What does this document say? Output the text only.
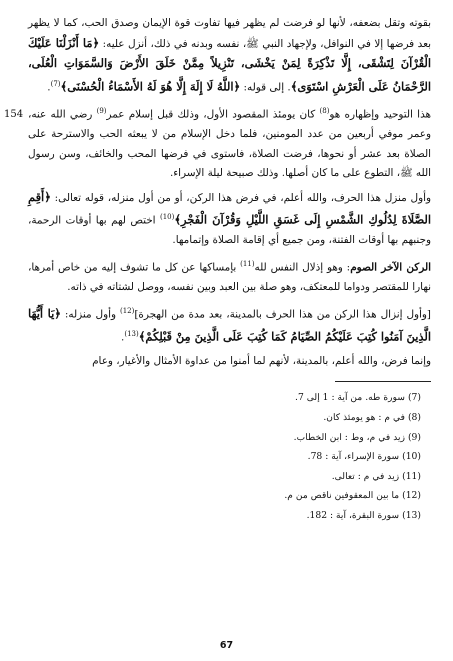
154

بقوته وتقل بضعفه، لأنها لو فرضت لم يظهر فيها تفاوت قوة الإيمان وصدق الحب، كما لا يظهر بعد فرضها إلا في النوافل، ولإجهاد النبي ﷺ، نفسه وبدنه في ذلك، أنزل عليه: ﴿مَا أَنْزَلْنَا عَلَيْكَ الْقُرْآنَ لِتَشْقَى، إِلَّا تَذْكِرَةً لِمَنْ يَخْشَى، تَنْزِيلاً مِمَّنْ خَلَقَ الأَرْضَ وَالسَّمَوَاتِ الْعُلَى، الرَّحْمَانُ عَلَى الْعَرْشِ اسْتَوَى﴾. إلى قوله: ﴿اللَّهُ لَا إِلَهَ إِلَّا هُوَ لَهُ الأَسْمَاءُ الْحُسْنَى﴾$^{(7)}$.

هذا التوحيد وإظهاره هو$^{(8)}$ كان يومئذ المقصود الأول، وذلك قبل إسلام عمر$^{(9)}$ رضي الله عنه، وعمر موفي أربعين من عدد المومنين، فلما دخل الإسلام من لا يبعثه الحب والاسترحة على الصلاة بعد عشر أو نحوها، فرضت الصلاة، فاستوى في فرضها المحب والخائف، وسن رسول الله ﷺ، التطوع على ما كان أصلها. وذلك صبيحة ليلة الإسراء.

وأول منزل هذا الحرف، والله أعلم، في فرض هذا الركن، أو من أول منزله، قوله تعالى: ﴿أَقِمِ الصَّلَاةَ لِدُلُوكِ الشَّمْسِ إِلَى غَسَقِ اللَّيْلِ وَقُرْآنَ الْفَجْرِ﴾$^{(10)}$ اختص لهم بها أوقات الرحمة، وجنبهم بها أوقات الفتنة، ومن جميع أي إقامة الصلاة وإتمامها.

الركن الآخر الصوم: وهو إذلال النفس لله$^{(11)}$ بإمساكها عن كل ما تشوف إليه من خاص أمرها، نهارا للمقتصر ودواما للمعتكف، وهو صلة بين العبد وبين نفسه، ووصل لشتاته في ذاته.

[وأول إنزال هذا الركن من هذا الحرف بالمدينة، بعد مدة من الهجرة]$^{(12)}$ وأول منزله: ﴿يَا أَيُّهَا الَّذِينَ آمَنُوا كُتِبَ عَلَيْكُمُ الصِّيَامُ كَمَا كُتِبَ عَلَى الَّذِينَ مِنْ قَبْلِكُمْ﴾$^{(13)}$.

وإنما فرض، والله أعلم، بالمدينة، لأنهم لما أمنوا من عداوة الأمثال والأغيار، وعام

(7) سورة طه. من آية : 1 إلى 7.
(8) في م : هو يومئذ كان.
(9) زيد في م، وط : ابن الخطاب.
(10) سورة الإسراء، آية : 78.
(11) زيد في م : تعالى.
(12) ما بين المعقوفين ناقص من م.
(13) سورة البقرة، آية : 182.
67
